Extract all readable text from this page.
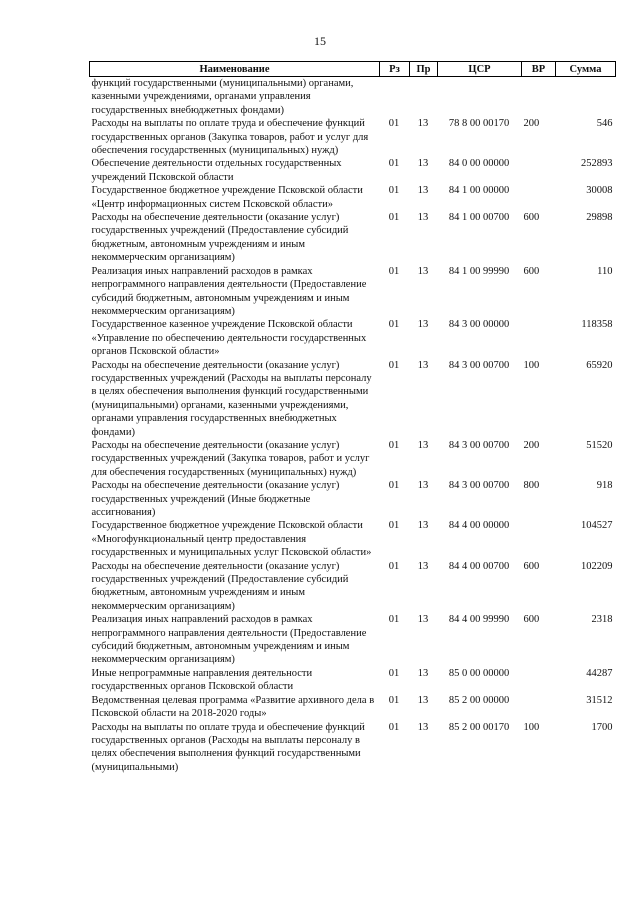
15
Наименование	Рз	Пр	ЦСР	ВР	Сумма
функций государственными (муниципальными) органами, казенными учреждениями, органами управления государственных внебюджетных фондами)					
Расходы на выплаты по оплате труда и обеспечение функций государственных органов (Закупка товаров, работ и услуг для обеспечения государственных (муниципальных) нужд)	01	13	78 8 00 00170	200	546
Обеспечение деятельности отдельных государственных учреждений Псковской области	01	13	84 0 00 00000		252893
Государственное бюджетное учреждение Псковской области «Центр информационных систем Псковской области»	01	13	84 1 00 00000		30008
Расходы на обеспечение деятельности (оказание услуг) государственных учреждений (Предоставление субсидий бюджетным, автономным учреждениям и иным некоммерческим организациям)	01	13	84 1 00 00700	600	29898
Реализация иных направлений расходов в рамках непрограммного направления деятельности (Предоставление субсидий бюджетным, автономным учреждениям и иным некоммерческим организациям)	01	13	84 1 00 99990	600	110
Государственное казенное учреждение Псковской области «Управление по обеспечению деятельности государственных органов Псковской области»	01	13	84 3 00 00000		118358
Расходы на обеспечение деятельности (оказание услуг) государственных учреждений (Расходы на выплаты персоналу в целях обеспечения выполнения функций государственными (муниципальными) органами, казенными учреждениями, органами управления государственных внебюджетных фондами)	01	13	84 3 00 00700	100	65920
Расходы на обеспечение деятельности (оказание услуг) государственных учреждений (Закупка товаров, работ и услуг для обеспечения государственных (муниципальных) нужд)	01	13	84 3 00 00700	200	51520
Расходы на обеспечение деятельности (оказание услуг) государственных учреждений (Иные бюджетные ассигнования)	01	13	84 3 00 00700	800	918
Государственное бюджетное учреждение Псковской области «Многофункциональный центр предоставления государственных и муниципальных услуг Псковской области»	01	13	84 4 00 00000		104527
Расходы на обеспечение деятельности (оказание услуг) государственных учреждений (Предоставление субсидий бюджетным, автономным учреждениям и иным некоммерческим организациям)	01	13	84 4 00 00700	600	102209
Реализация иных направлений расходов в рамках непрограммного направления деятельности (Предоставление субсидий бюджетным, автономным учреждениям и иным некоммерческим организациям)	01	13	84 4 00 99990	600	2318
Иные непрограммные направления деятельности государственных органов Псковской области	01	13	85 0 00 00000		44287
Ведомственная целевая программа «Развитие архивного дела в Псковской области на 2018-2020 годы»	01	13	85 2 00 00000		31512
Расходы на выплаты по оплате труда и обеспечение функций государственных органов (Расходы на выплаты персоналу в целях обеспечения выполнения функций государственными (муниципальными)	01	13	85 2 00 00170	100	1700
